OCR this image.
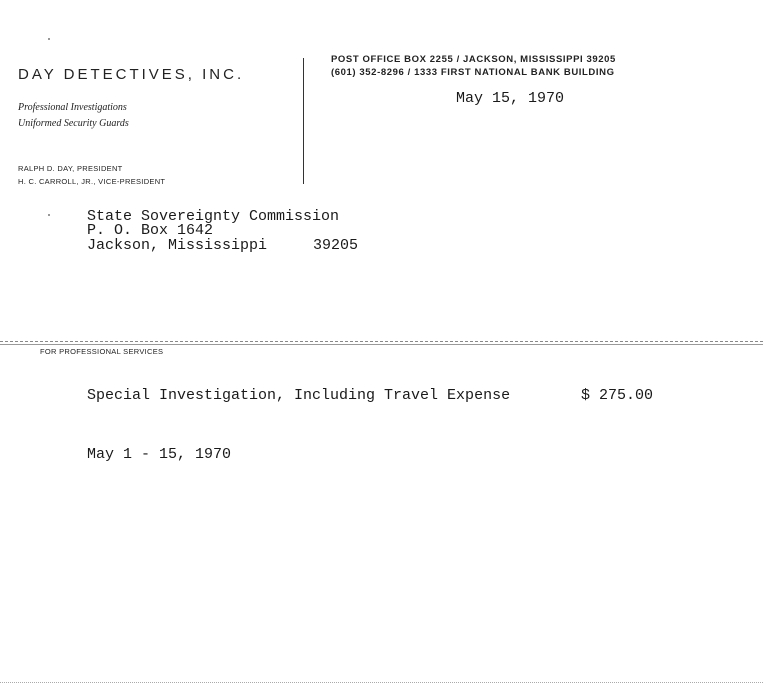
DAY DETECTIVES, INC.
Professional Investigations
Uniformed Security Guards
RALPH D. DAY, PRESIDENT
H. C. CARROLL, JR., VICE-PRESIDENT
POST OFFICE BOX 2255 / JACKSON, MISSISSIPPI 39205
(601) 352-8296 / 1333 FIRST NATIONAL BANK BUILDING
May 15, 1970
State Sovereignty Commission
P. O. Box 1642
Jackson, Mississippi	39205
FOR PROFESSIONAL SERVICES
Special Investigation, Including Travel Expense	$ 275.00
May 1 - 15, 1970
